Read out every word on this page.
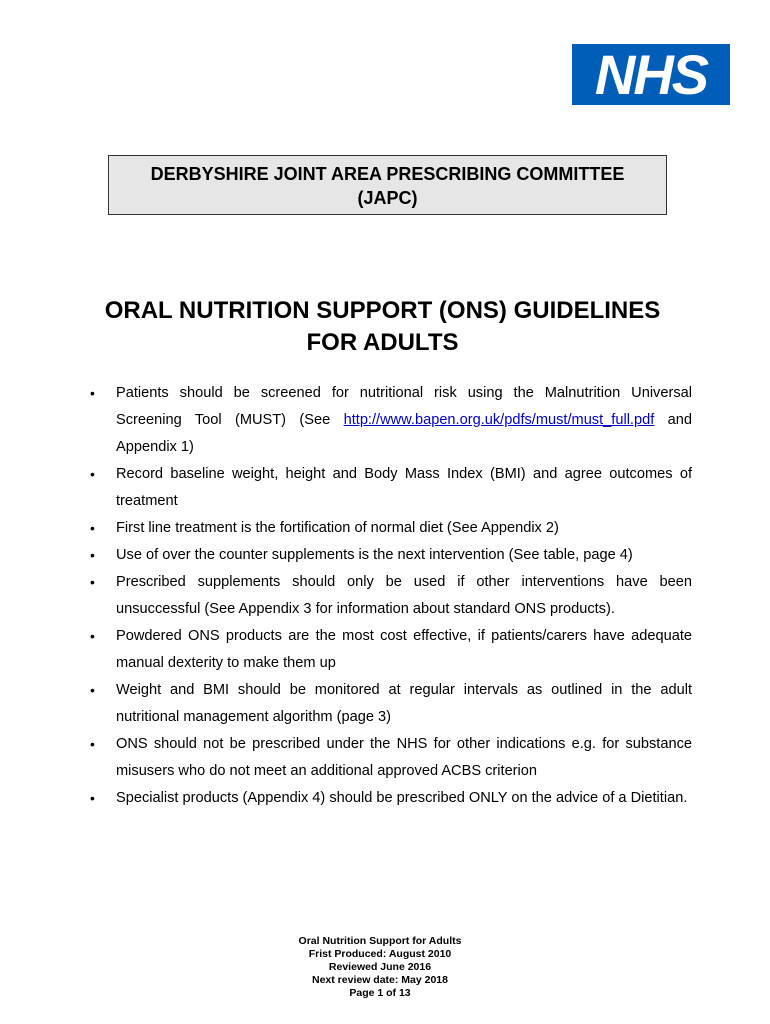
NHS
DERBYSHIRE JOINT AREA PRESCRIBING COMMITTEE
(JAPC)
ORAL NUTRITION SUPPORT (ONS) GUIDELINES
FOR ADULTS
• Patients should be screened for nutritional risk using the Malnutrition Universal Screening Tool (MUST) (See http://www.bapen.org.uk/pdfs/must/must_full.pdf and Appendix 1)
• Record baseline weight, height and Body Mass Index (BMI) and agree outcomes of treatment
• First line treatment is the fortification of normal diet (See Appendix 2)
• Use of over the counter supplements is the next intervention (See table, page 4)
• Prescribed supplements should only be used if other interventions have been unsuccessful (See Appendix 3 for information about standard ONS products).
• Powdered ONS products are the most cost effective, if patients/carers have adequate manual dexterity to make them up
• Weight and BMI should be monitored at regular intervals as outlined in the adult nutritional management algorithm (page 3)
• ONS should not be prescribed under the NHS for other indications e.g. for substance misusers who do not meet an additional approved ACBS criterion
• Specialist products (Appendix 4) should be prescribed ONLY on the advice of a Dietitian.
Oral Nutrition Support for Adults
Frist Produced: August 2010
Reviewed June 2016
Next review date: May 2018
Page 1 of 13
